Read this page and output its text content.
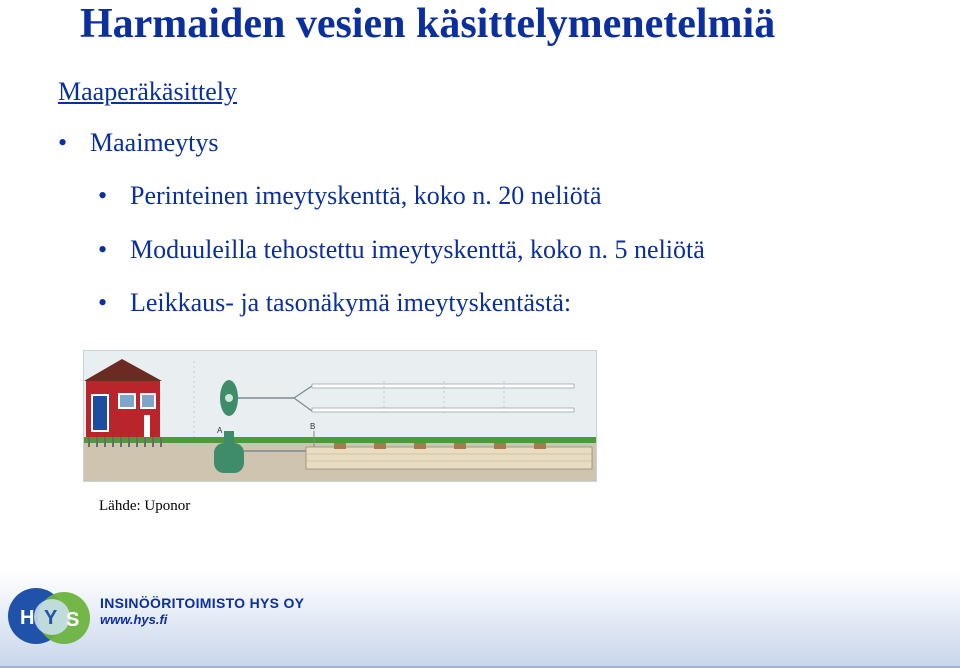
Harmaiden vesien käsittelymenetelmiä
Maaperäkäsittely
• Maaimeytys
• Perinteinen imeytyskenttä, koko n. 20 neliötä
• Moduuleilla tehostettu imeytyskenttä, koko n. 5 neliötä
• Leikkaus- ja tasonäkymä imeytyskentästä:
A	B
Lähde: Uponor
H Y S
INSINÖÖRITOIMISTO HYS OY
www.hys.fi
